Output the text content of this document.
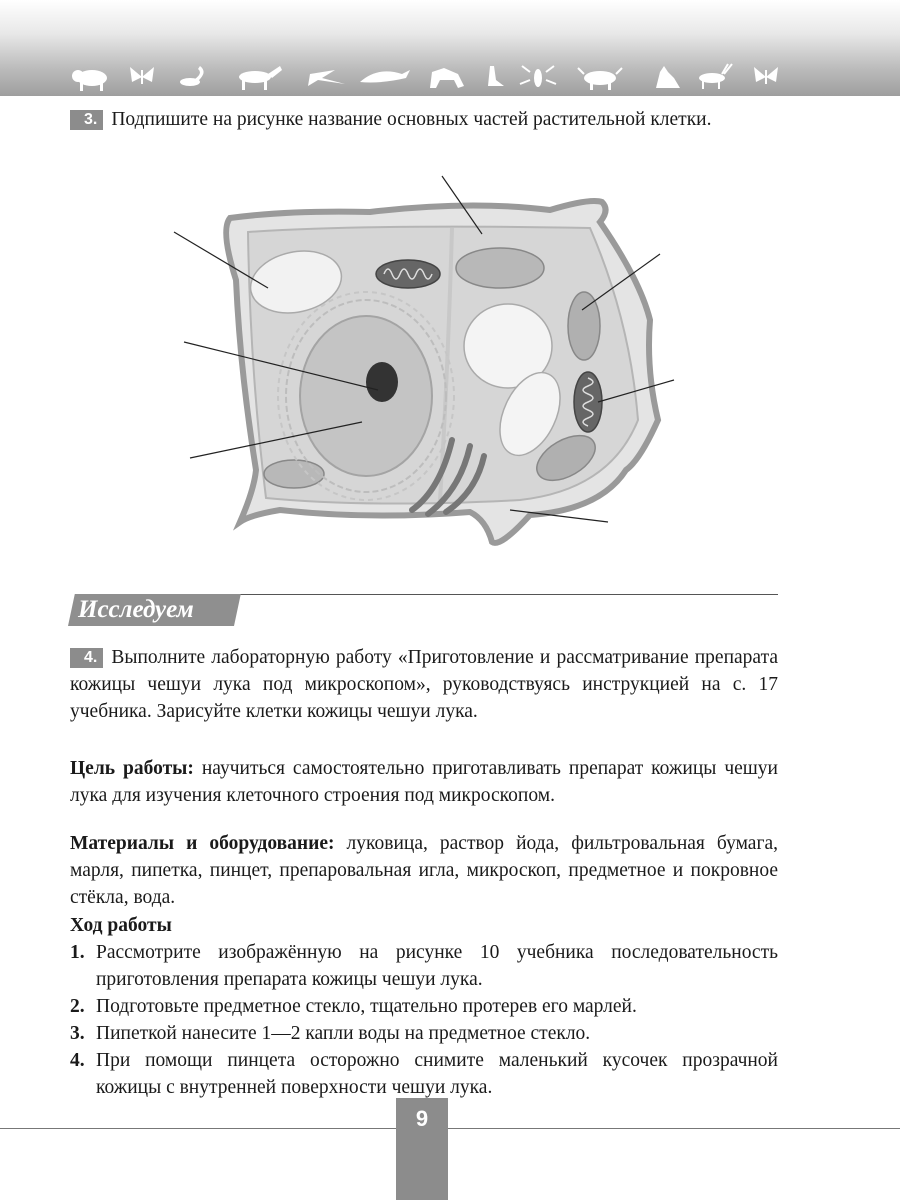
3. Подпишите на рисунке название основных частей растительной клетки.
Исследуем
4. Выполните лабораторную работу «Приготовление и рассматривание препарата кожицы чешуи лука под микроскопом», руководствуясь инструкцией на с. 17 учебника. Зарисуйте клетки кожицы чешуи лука.
Цель работы: научиться самостоятельно приготавливать препарат кожицы чешуи лука для изучения клеточного строения под микроскопом.
Материалы и оборудование: луковица, раствор йода, фильтровальная бумага, марля, пипетка, пинцет, препаровальная игла, микроскоп, предметное и покровное стёкла, вода.
Ход работы
1. Рассмотрите изображённую на рисунке 10 учебника последовательность приготовления препарата кожицы чешуи лука.
2. Подготовьте предметное стекло, тщательно протерев его марлей.
3. Пипеткой нанесите 1—2 капли воды на предметное стекло.
4. При помощи пинцета осторожно снимите маленький кусочек прозрачной кожицы с внутренней поверхности чешуи лука.
9
